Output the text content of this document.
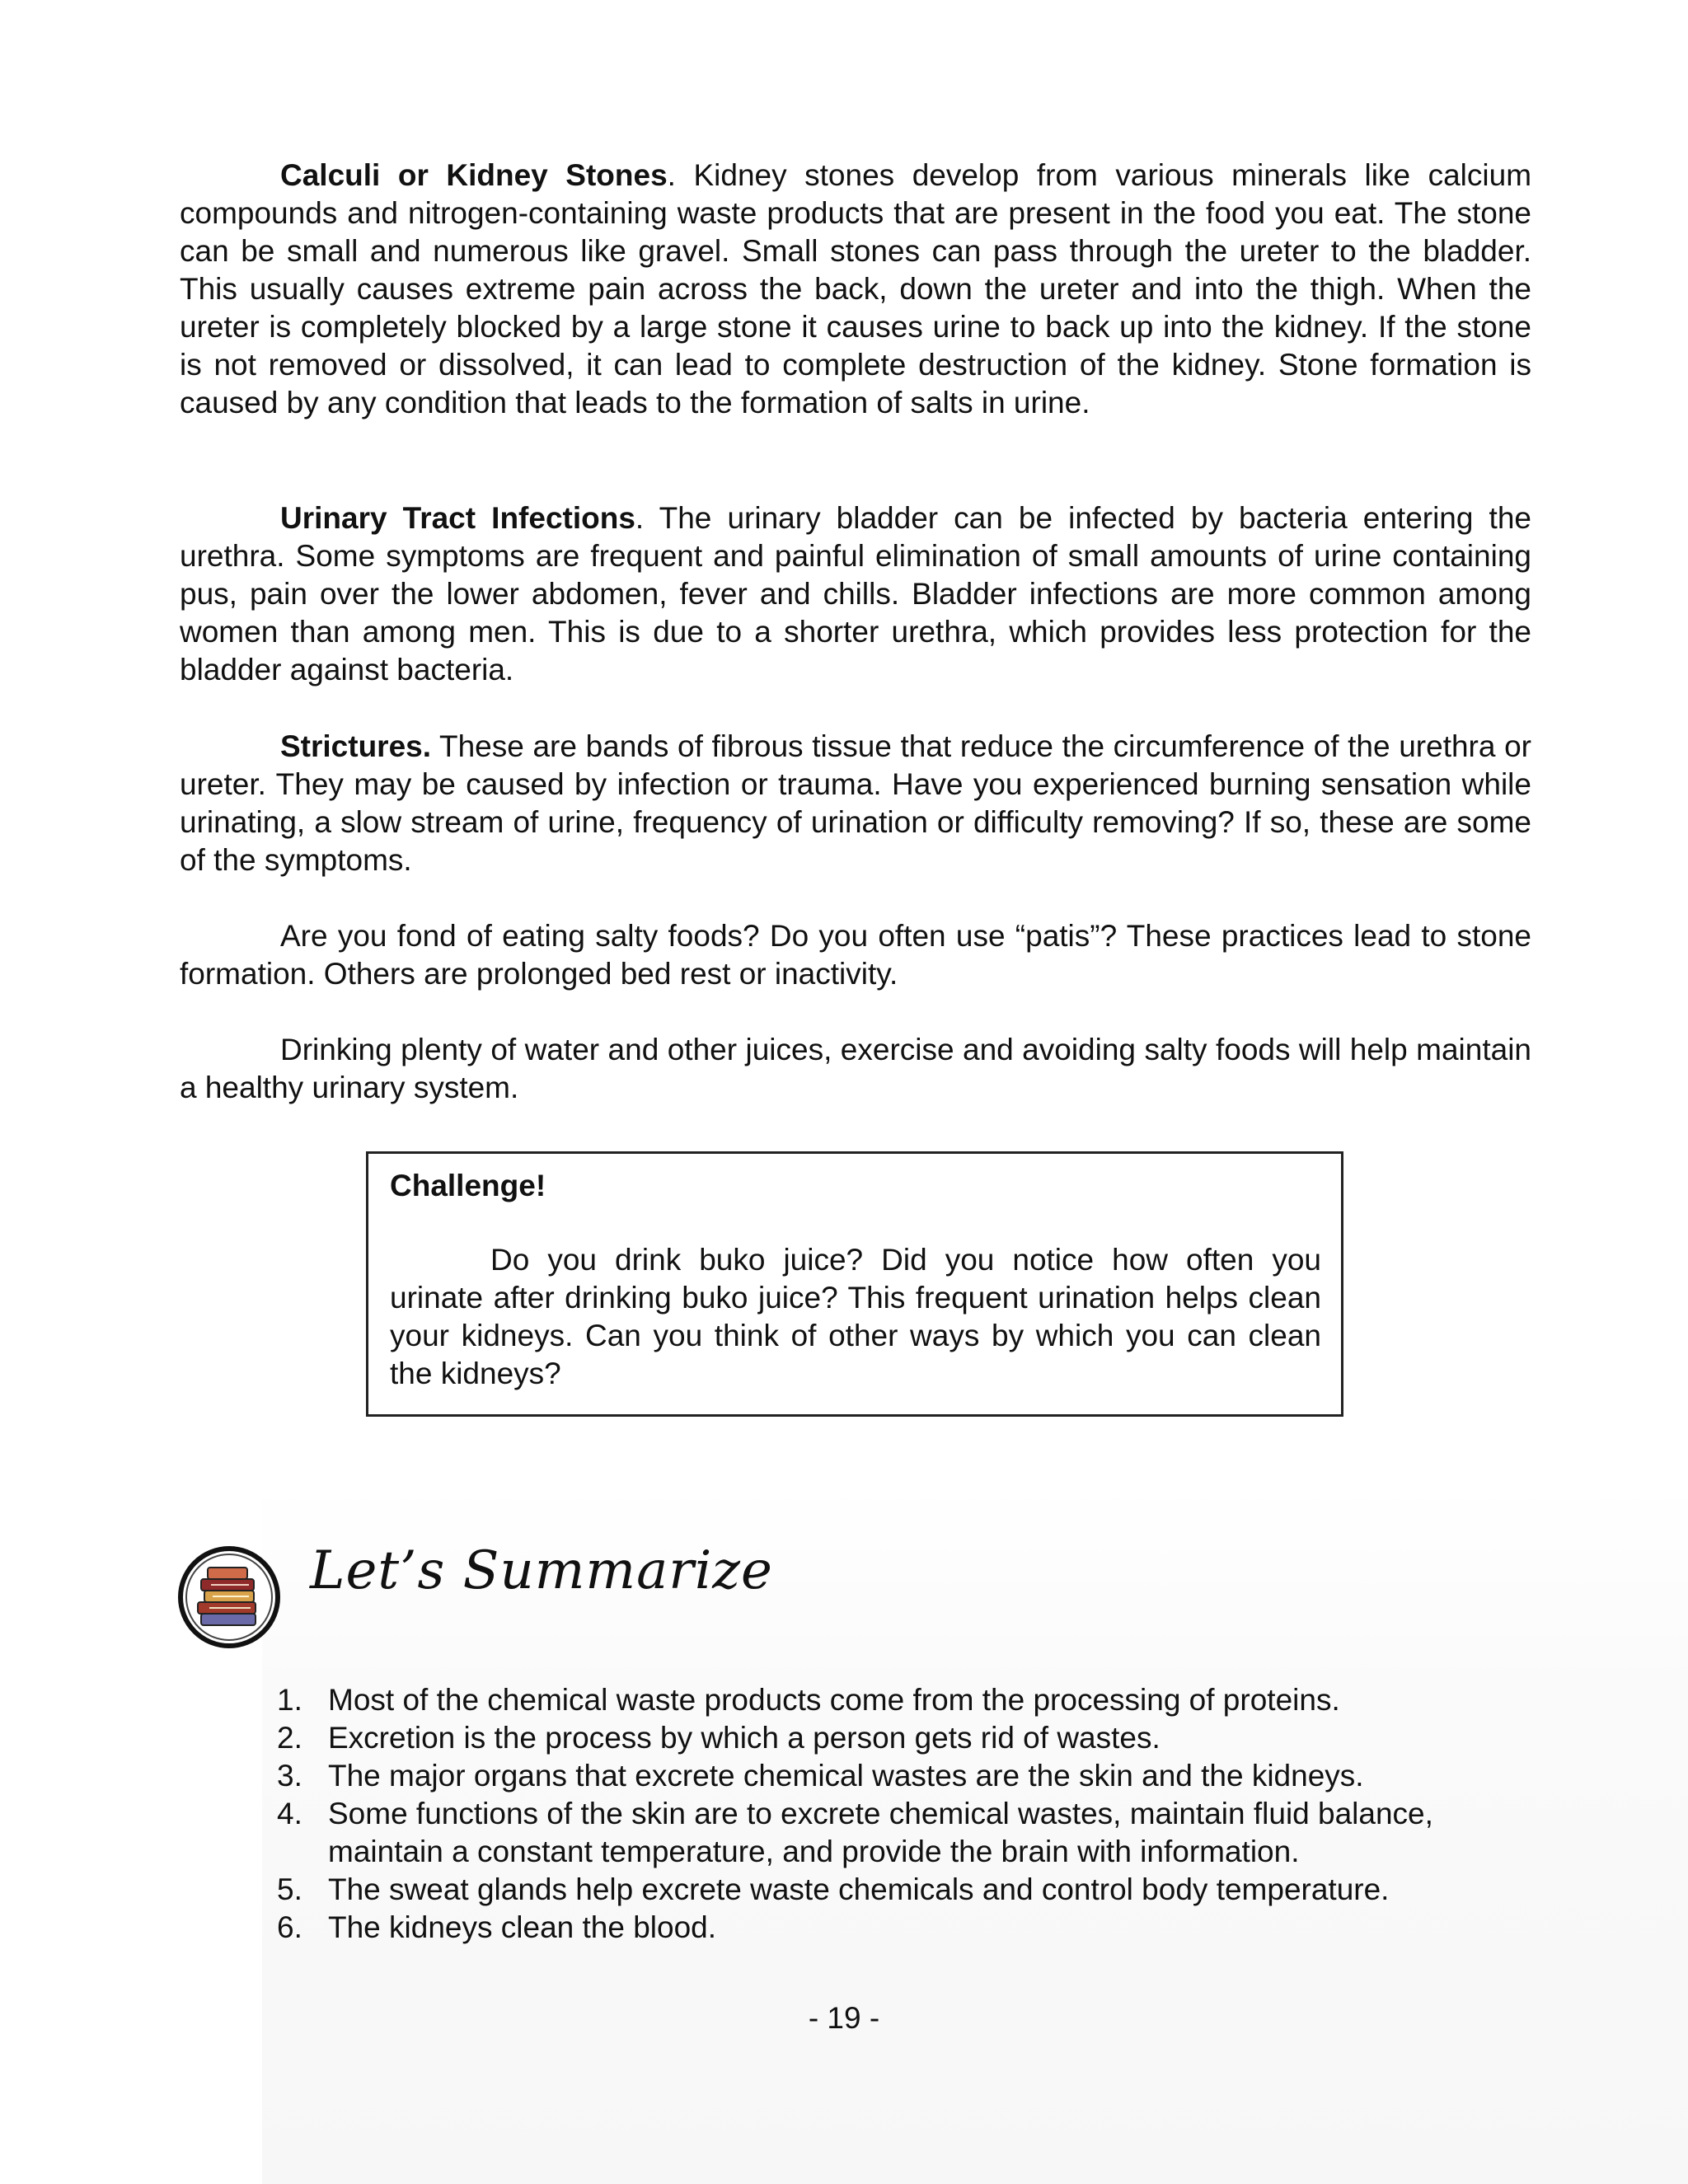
Calculi or Kidney Stones. Kidney stones develop from various minerals like calcium compounds and nitrogen-containing waste products that are present in the food you eat. The stone can be small and numerous like gravel. Small stones can pass through the ureter to the bladder. This usually causes extreme pain across the back, down the ureter and into the thigh. When the ureter is completely blocked by a large stone it causes urine to back up into the kidney. If the stone is not removed or dissolved, it can lead to complete destruction of the kidney. Stone formation is caused by any condition that leads to the formation of salts in urine.

Urinary Tract Infections. The urinary bladder can be infected by bacteria entering the urethra. Some symptoms are frequent and painful elimination of small amounts of urine containing pus, pain over the lower abdomen, fever and chills. Bladder infections are more common among women than among men. This is due to a shorter urethra, which provides less protection for the bladder against bacteria.

Strictures. These are bands of fibrous tissue that reduce the circumference of the urethra or ureter. They may be caused by infection or trauma. Have you experienced burning sensation while urinating, a slow stream of urine, frequency of urination or difficulty removing? If so, these are some of the symptoms.

Are you fond of eating salty foods? Do you often use “patis”? These practices lead to stone formation. Others are prolonged bed rest or inactivity.

Drinking plenty of water and other juices, exercise and avoiding salty foods will help maintain a healthy urinary system.

Challenge!

Do you drink buko juice? Did you notice how often you urinate after drinking buko juice? This frequent urination helps clean your kidneys. Can you think of other ways by which you can clean the kidneys?

Let’s Summarize
1. Most of the chemical waste products come from the processing of proteins.
2. Excretion is the process by which a person gets rid of wastes.
3. The major organs that excrete chemical wastes are the skin and the kidneys.
4. Some functions of the skin are to excrete chemical wastes, maintain fluid balance, maintain a constant temperature, and provide the brain with information.
5. The sweat glands help excrete waste chemicals and control body temperature.
6. The kidneys clean the blood.
- 19 -
